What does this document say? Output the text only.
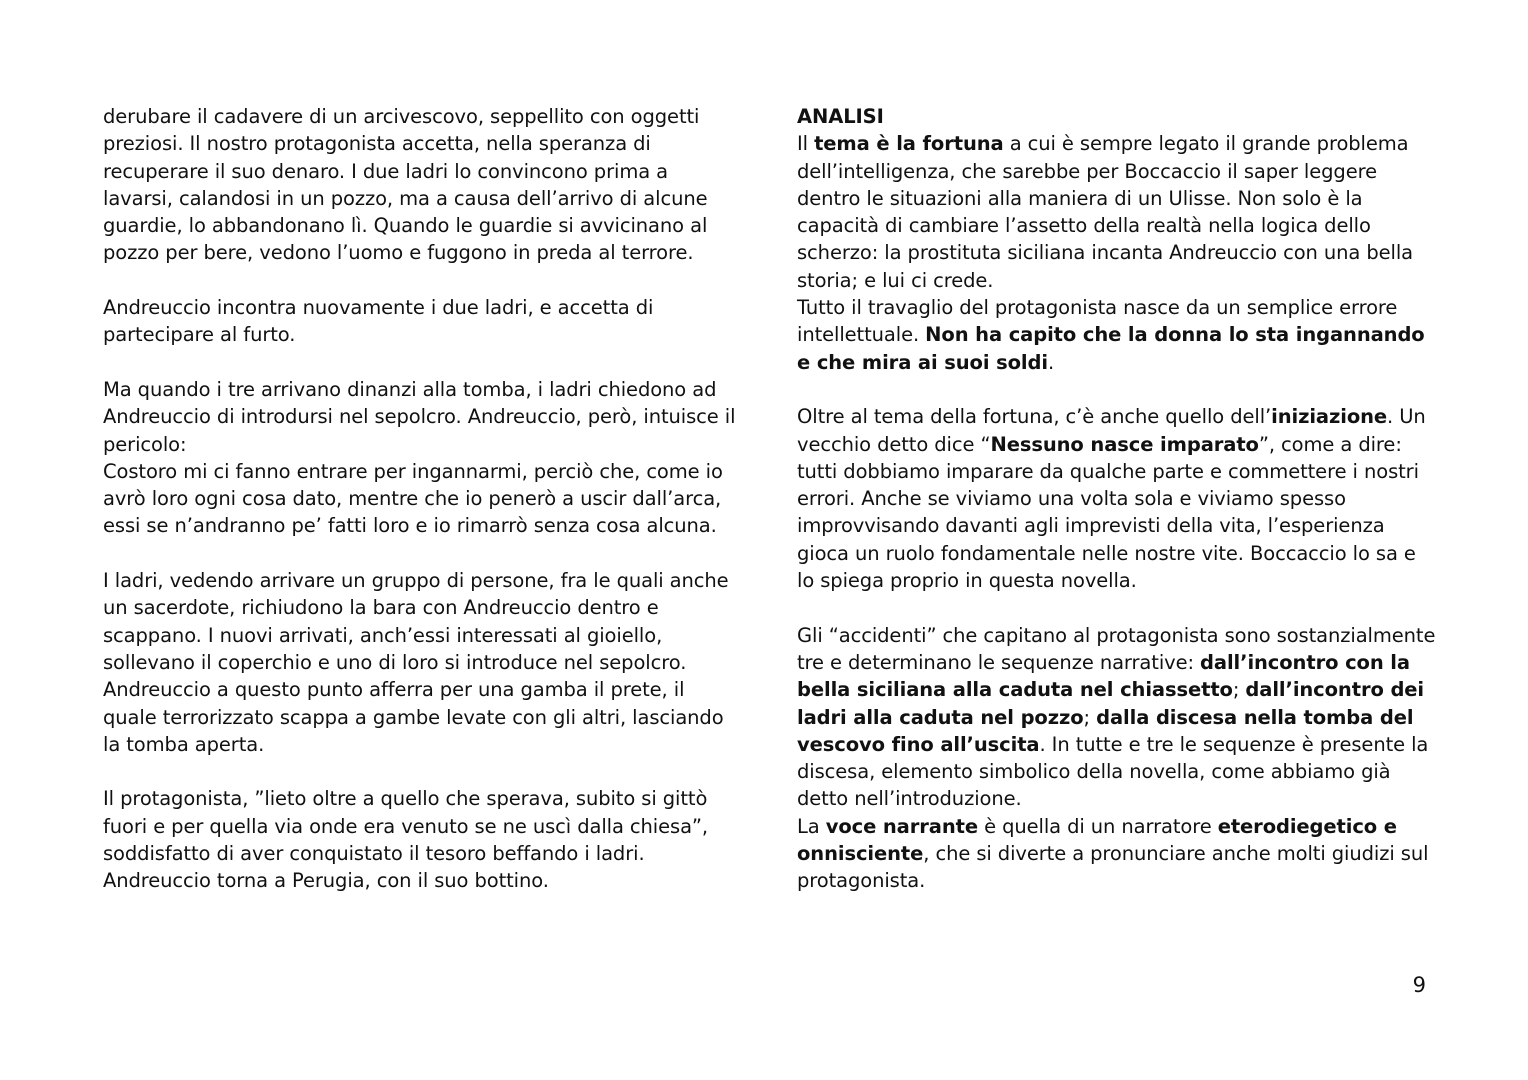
derubare il cadavere di un arcivescovo, seppellito con oggetti preziosi. Il nostro protagonista accetta, nella speranza di recuperare il suo denaro. I due ladri lo convincono prima a lavarsi, calandosi in un pozzo, ma a causa dell’arrivo di alcune guardie, lo abbandonano lì. Quando le guardie si avvicinano al pozzo per bere, vedono l’uomo e fuggono in preda al terrore.

Andreuccio incontra nuovamente i due ladri, e accetta di partecipare al furto.

Ma quando i tre arrivano dinanzi alla tomba, i ladri chiedono ad Andreuccio di introdursi nel sepolcro. Andreuccio, però, intuisce il pericolo:

Costoro mi ci fanno entrare per ingannarmi, perciò che, come io avrò loro ogni cosa dato, mentre che io penerò a uscir dall’arca, essi se n’andranno pe’ fatti loro e io rimarrò senza cosa alcuna.

I ladri, vedendo arrivare un gruppo di persone, fra le quali anche un sacerdote, richiudono la bara con Andreuccio dentro e scappano. I nuovi arrivati, anch’essi interessati al gioiello, sollevano il coperchio e uno di loro si introduce nel sepolcro. Andreuccio a questo punto afferra per una gamba il prete, il quale terrorizzato scappa a gambe levate con gli altri, lasciando la tomba aperta.

Il protagonista, ”lieto oltre a quello che sperava, subito si gittò fuori e per quella via onde era venuto se ne uscì dalla chiesa”, soddisfatto di aver conquistato il tesoro beffando i ladri. Andreuccio torna a Perugia, con il suo bottino.

ANALISI
Il tema è la fortuna a cui è sempre legato il grande problema dell’intelligenza, che sarebbe per Boccaccio il saper leggere dentro le situazioni alla maniera di un Ulisse. Non solo è la capacità di cambiare l’assetto della realtà nella logica dello scherzo: la prostituta siciliana incanta Andreuccio con una bella storia; e lui ci crede.
Tutto il travaglio del protagonista nasce da un semplice errore intellettuale. Non ha capito che la donna lo sta ingannando e che mira ai suoi soldi.

Oltre al tema della fortuna, c’è anche quello dell’iniziazione. Un vecchio detto dice “Nessuno nasce imparato”, come a dire: tutti dobbiamo imparare da qualche parte e commettere i nostri errori. Anche se viviamo una volta sola e viviamo spesso improvvisando davanti agli imprevisti della vita, l’esperienza gioca un ruolo fondamentale nelle nostre vite. Boccaccio lo sa e lo spiega proprio in questa novella.

Gli “accidenti” che capitano al protagonista sono sostanzialmente tre e determinano le sequenze narrative: dall’incontro con la bella siciliana alla caduta nel chiassetto; dall’incontro dei ladri alla caduta nel pozzo; dalla discesa nella tomba del vescovo fino all’uscita. In tutte e tre le sequenze è presente la discesa, elemento simbolico della novella, come abbiamo già detto nell’introduzione.
La voce narrante è quella di un narratore eterodiegetico e onnisciente, che si diverte a pronunciare anche molti giudizi sul protagonista.

9
